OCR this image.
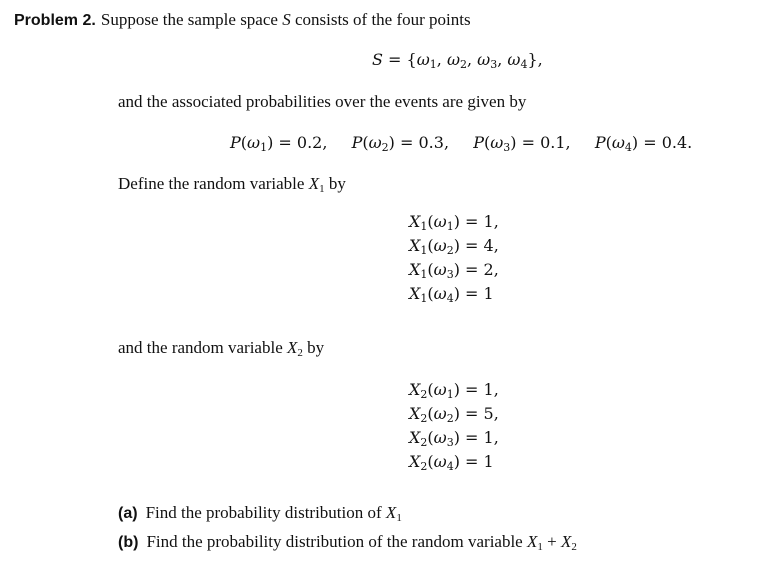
Problem 2. Suppose the sample space S consists of the four points
$S = \{\omega_1$, $\omega_2$, $\omega_3$, $\omega_4$},
and the associated probabilities over the events are given by
$P(\omega_1) = 0.2$, $P(\omega_2) = 0.3$, $P(\omega_3) = 0.1$, $P(\omega_4) = 0.4$.
Define the random variable $X_1$ by
$X_1(\omega_1) = 1$,
$X_1(\omega_2) = 4$,
$X_1(\omega_3) = 2$,
$X_1(\omega_4) = 1$
and the random variable $X_2$ by
$X_2(\omega_1) = 1$,
$X_2(\omega_2) = 5$,
$X_2(\omega_3) = 1$,
$X_2(\omega_4) = 1$
(a) Find the probability distribution of $X_1$
(b) Find the probability distribution of the random variable $X_1 + X_2$
